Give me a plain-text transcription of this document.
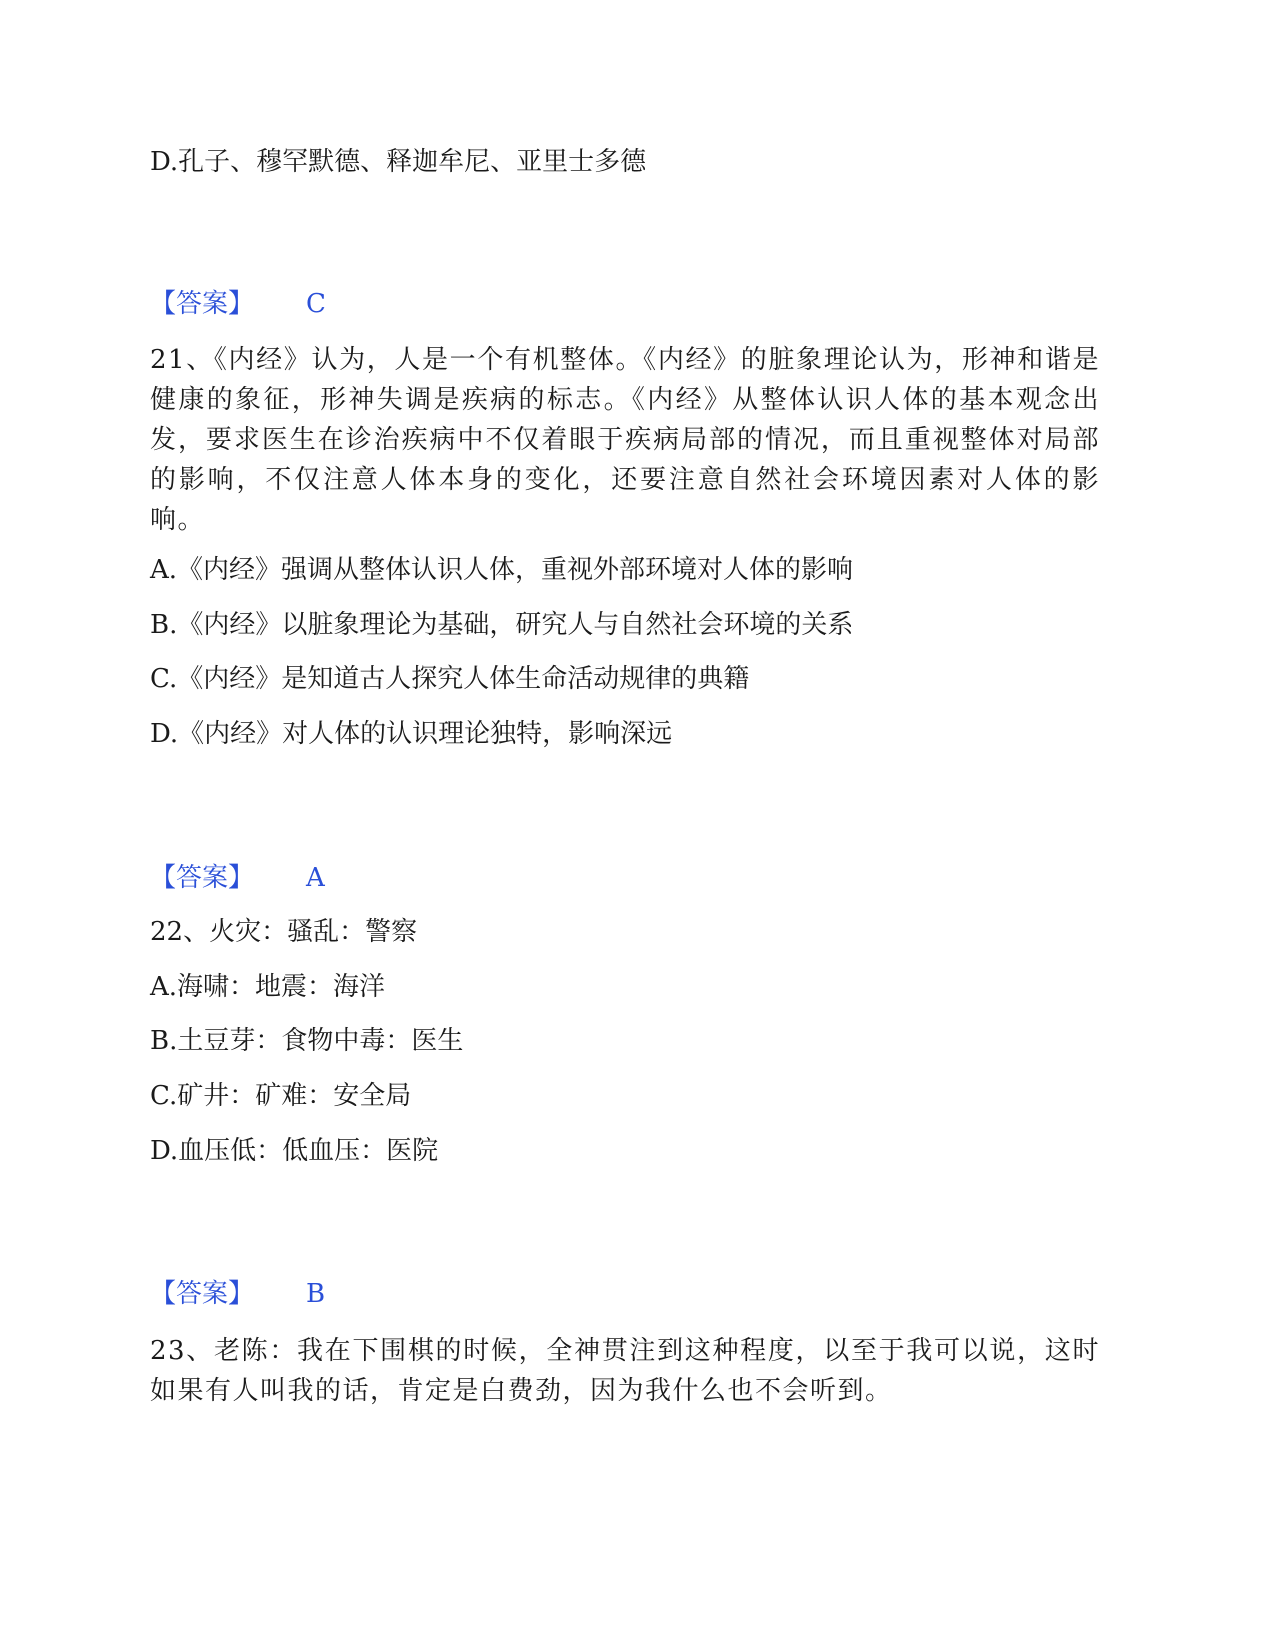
D.孔子、穆罕默德、释迦牟尼、亚里士多德
【答案】 C
21、《内经》认为，人是一个有机整体。《内经》的脏象理论认为，形神和谐是健康的象征，形神失调是疾病的标志。《内经》从整体认识人体的基本观念出发，要求医生在诊治疾病中不仅着眼于疾病局部的情况，而且重视整体对局部的影响，不仅注意人体本身的变化，还要注意自然社会环境因素对人体的影响。
A.《内经》强调从整体认识人体，重视外部环境对人体的影响
B.《内经》以脏象理论为基础，研究人与自然社会环境的关系
C.《内经》是知道古人探究人体生命活动规律的典籍
D.《内经》对人体的认识理论独特，影响深远
【答案】 A
22、火灾：骚乱：警察
A.海啸：地震：海洋
B.土豆芽：食物中毒：医生
C.矿井：矿难：安全局
D.血压低：低血压：医院
【答案】 B
23、老陈：我在下围棋的时候，全神贯注到这种程度，以至于我可以说，这时如果有人叫我的话，肯定是白费劲，因为我什么也不会听到。
